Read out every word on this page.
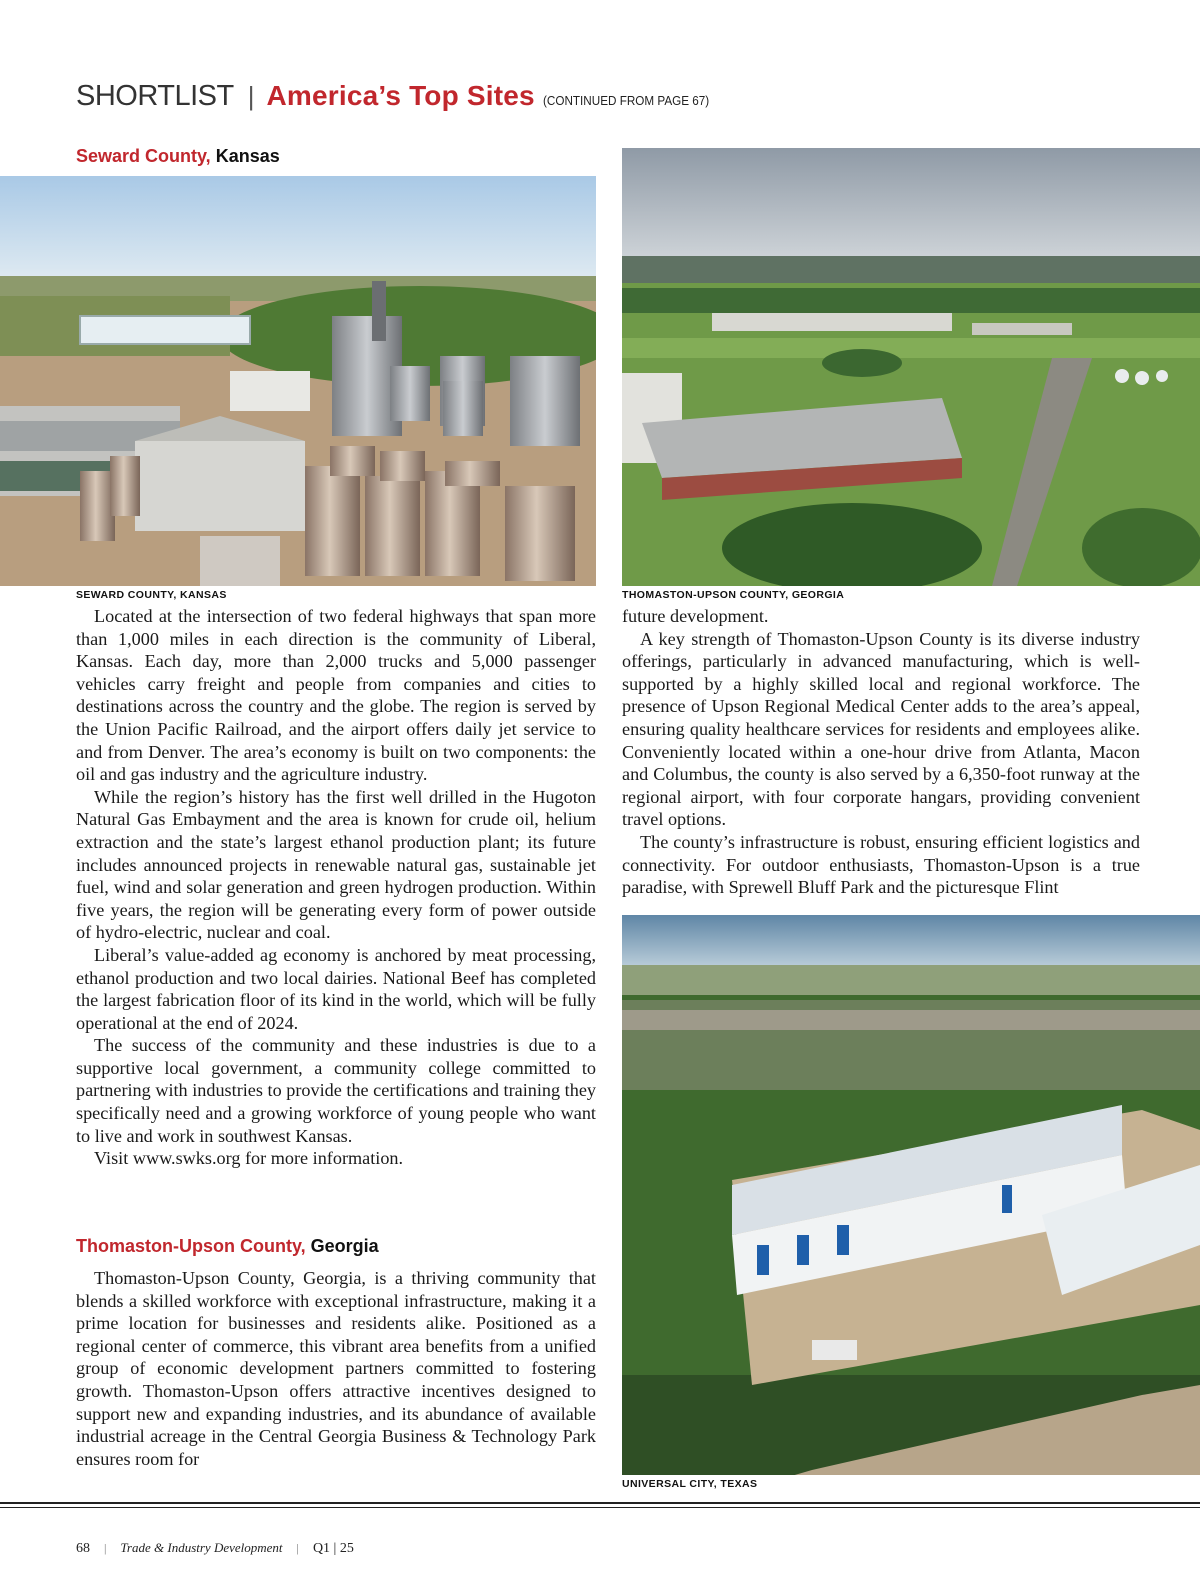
SHORTLIST | America’s Top Sites (CONTINUED FROM PAGE 67)
Seward County, Kansas
SEWARD COUNTY, KANSAS

Located at the intersection of two federal highways that span more than 1,000 miles in each direction is the community of Liberal, Kansas. Each day, more than 2,000 trucks and 5,000 passenger vehicles carry freight and people from companies and cities to destinations across the country and the globe. The region is served by the Union Pacific Railroad, and the airport offers daily jet service to and from Denver. The area’s economy is built on two components: the oil and gas industry and the agriculture industry.

While the region’s history has the first well drilled in the Hugoton Natural Gas Embayment and the area is known for crude oil, helium extraction and the state’s largest ethanol production plant; its future includes announced projects in renewable natural gas, sustainable jet fuel, wind and solar generation and green hydrogen production. Within five years, the region will be generating every form of power outside of hydro-electric, nuclear and coal.

Liberal’s value-added ag economy is anchored by meat processing, ethanol production and two local dairies. National Beef has completed the largest fabrication floor of its kind in the world, which will be fully operational at the end of 2024.

The success of the community and these industries is due to a supportive local government, a community college committed to partnering with industries to provide the certifications and training they specifically need and a growing workforce of young people who want to live and work in southwest Kansas.

Visit www.swks.org for more information.

Thomaston-Upson County, Georgia

Thomaston-Upson County, Georgia, is a thriving community that blends a skilled workforce with exceptional infrastructure, making it a prime location for businesses and residents alike. Positioned as a regional center of commerce, this vibrant area benefits from a unified group of economic development partners committed to fostering growth. Thomaston-Upson offers attractive incentives designed to support new and expanding industries, and its abundance of available industrial acreage in the Central Georgia Business & Technology Park ensures room for

THOMASTON-UPSON COUNTY, GEORGIA

future development.

A key strength of Thomaston-Upson County is its diverse industry offerings, particularly in advanced manufacturing, which is well-supported by a highly skilled local and regional workforce. The presence of Upson Regional Medical Center adds to the area’s appeal, ensuring quality healthcare services for residents and employees alike. Conveniently located within a one-hour drive from Atlanta, Macon and Columbus, the county is also served by a 6,350-foot runway at the regional airport, with four corporate hangars, providing convenient travel options.

The county’s infrastructure is robust, ensuring efficient logistics and connectivity. For outdoor enthusiasts, Thomaston-Upson is a true paradise, with Sprewell Bluff Park and the picturesque Flint

UNIVERSAL CITY, TEXAS
68 | Trade & Industry Development | Q1 | 25
